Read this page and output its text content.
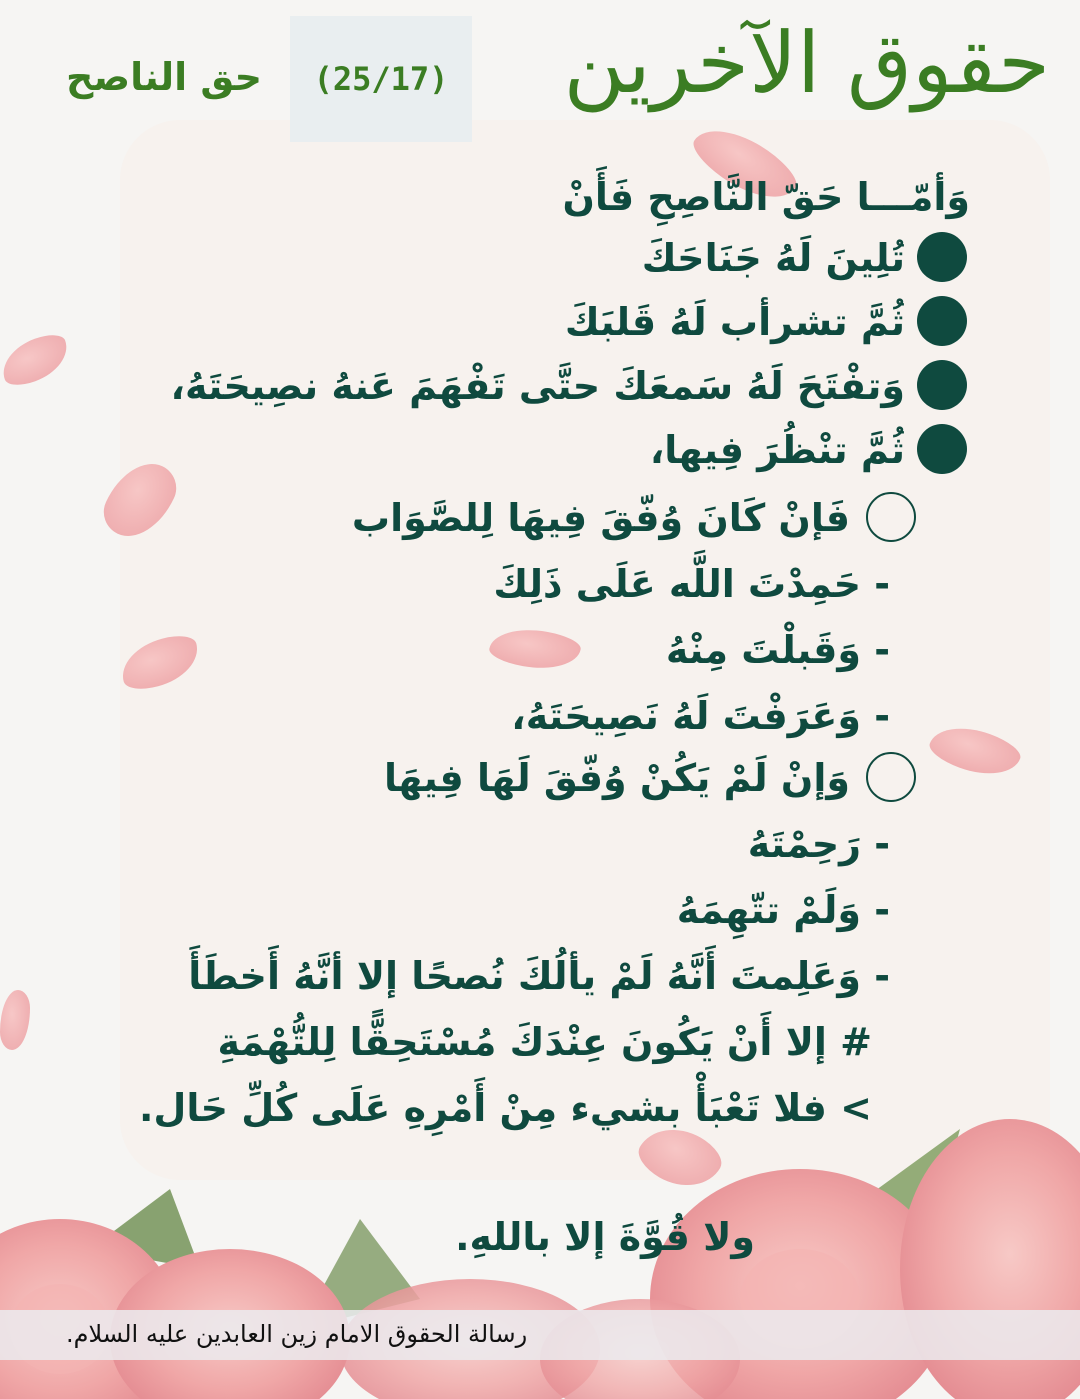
حقوق الآخرين
(25/17)
حق الناصح
وَأمّـــا حَقّ النَّاصِحِ فَأَنْ
تُلِينَ لَهُ جَنَاحَكَ
ثُمَّ تشرأب لَهُ قَلبَكَ
وَتفْتَحَ لَهُ سَمعَكَ حتَّى تَفْهَمَ عَنهُ نصِيحَتَهُ،
ثُمَّ تنْظُرَ فِيها،
فَإنْ كَانَ وُفّقَ فِيهَا لِلصَّوَاب
- حَمِدْتَ اللَّه عَلَى ذَلِكَ
- وَقَبلْتَ مِنْهُ
- وَعَرَفْتَ لَهُ نَصِيحَتَهُ،
وَإنْ لَمْ يَكُنْ وُفّقَ لَهَا فِيهَا
- رَحِمْتَهُ
- وَلَمْ تتّهِمَهُ
- وَعَلِمتَ أَنَّهُ لَمْ يألُكَ نُصحًا إلا أنَّهُ أَخطَأَ
# إلا أَنْ يَكُونَ عِنْدَكَ مُسْتَحِقًّا لِلتُّهْمَةِ
> فلا تَعْبَأْ بشيء مِنْ أَمْرِهِ عَلَى كُلِّ حَال.
ولا قُوَّةَ إلا باللهِ.
رسالة الحقوق الامام زين العابدين عليه السلام.
